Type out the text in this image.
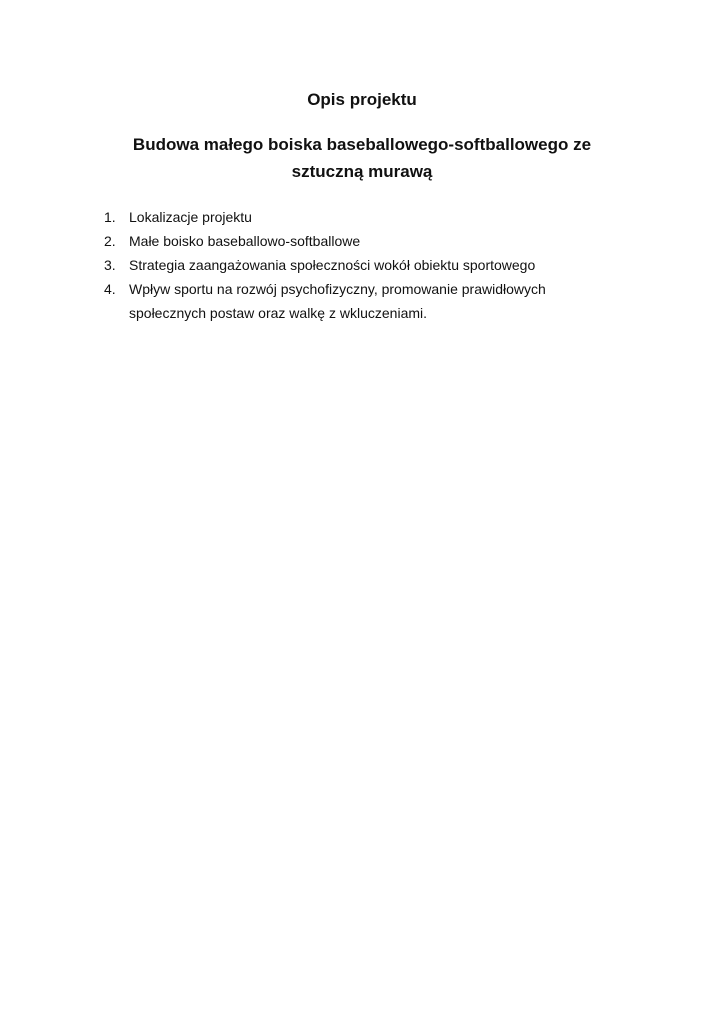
Opis projektu
Budowa małego boiska baseballowego-softballowego ze sztuczną murawą
1. Lokalizacje projektu
2. Małe boisko baseballowo-softballowe
3. Strategia zaangażowania społeczności wokół obiektu sportowego
4. Wpływ sportu na rozwój psychofizyczny, promowanie prawidłowych społecznych postaw oraz walkę z wkluczeniami.
